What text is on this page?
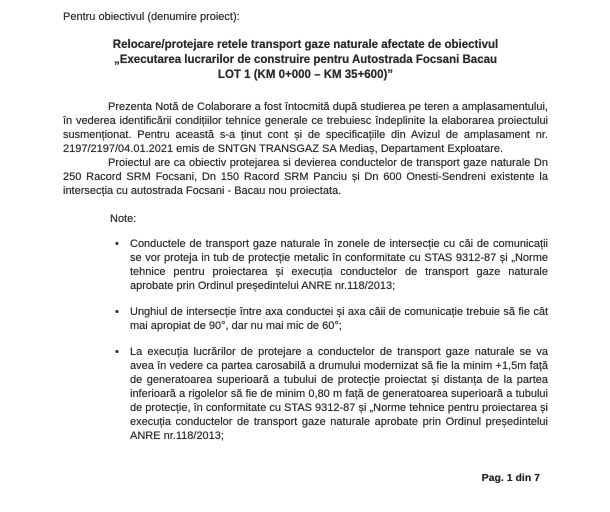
Pentru obiectivul (denumire proiect):

Relocare/protejare retele transport gaze naturale afectate de obiectivul
„Executarea lucrarilor de construire pentru Autostrada Focsani Bacau
LOT 1 (KM 0+000 – KM 35+600)”

Prezenta Notă de Colaborare a fost întocmită după studierea pe teren a amplasamentului, în vederea identificării condițiilor tehnice generale ce trebuiesc îndeplinite la elaborarea proiectului susmenționat. Pentru această s-a ținut cont și de specificațiile din Avizul de amplasament nr. 2197/2197/04.01.2021 emis de SNTGN TRANSGAZ SA Mediaș, Departament Exploatare.

Proiectul are ca obiectiv protejarea si devierea conductelor de transport gaze naturale Dn 250 Racord SRM Focsani, Dn 150 Racord SRM Panciu și Dn 600 Onesti-Sendreni existente la intersecția cu autostrada Focsani - Bacau nou proiectata.

Note:

• Conductele de transport gaze naturale în zonele de intersecție cu căi de comunicații se vor proteja in tub de protecție metalic în conformitate cu STAS 9312-87 și „Norme tehnice pentru proiectarea și execuția conductelor de transport gaze naturale aprobate prin Ordinul președintelui ANRE nr.118/2013;
• Unghiul de intersecție între axa conductei și axa căii de comunicație trebuie să fie cât mai apropiat de 90°, dar nu mai mic de 60°;
• La execuția lucrărilor de protejare a conductelor de transport gaze naturale se va avea în vedere ca partea carosabilă a drumului modernizat să fie la minim +1,5m față de generatoarea superioară a tubului de protecție proiectat și distanța de la partea inferioară a rigolelor să fie de minim 0,80 m față de generatoarea superioară a tubului de protecție, în conformitate cu STAS 9312-87 și „Norme tehnice pentru proiectarea și execuția conductelor de transport gaze naturale aprobate prin Ordinul președintelui ANRE nr.118/2013;
Pag. 1 din 7
